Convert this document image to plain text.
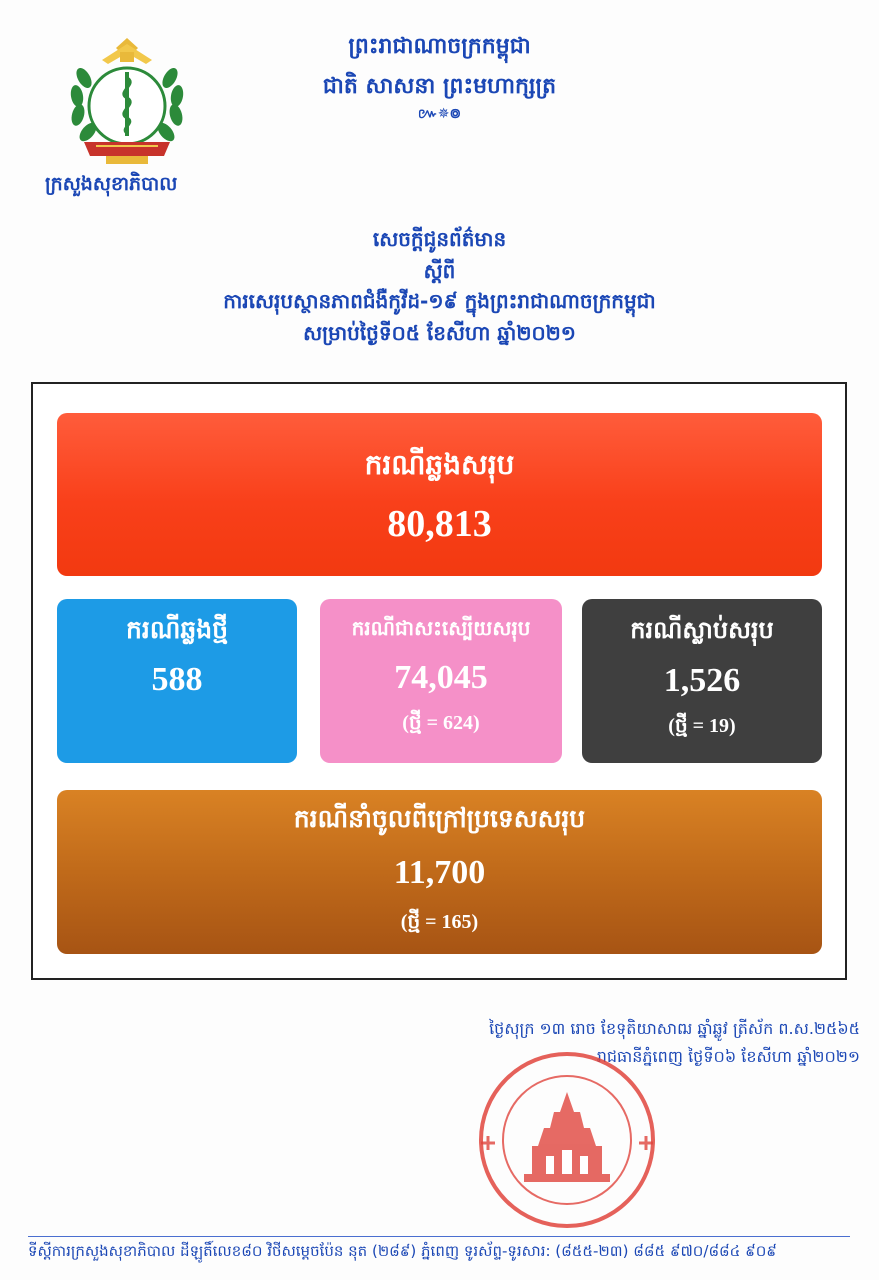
ព្រះរាជាណាចក្រកម្ពុជា
ជាតិ សាសនា ព្រះមហាក្សត្រ
៚✵៙
ក្រសួងសុខាភិបាល
សេចក្តីជូនព័ត៌មាន
ស្តីពី
ការសេរុបស្ថានភាពជំងឺកូវីដ-១៩ ក្នុងព្រះរាជាណាចក្រកម្ពុជា
សម្រាប់ថ្ងៃទី០៥ ខែសីហា ឆ្នាំ២០២១
ករណីឆ្លងសរុប
80,813
ករណីឆ្លងថ្មី
588
ករណីជាសះស្បើយសរុប
74,045
(ថ្មី = 624)
ករណីស្លាប់សរុប
1,526
(ថ្មី = 19)
ករណីនាំចូលពីក្រៅប្រទេសសរុប
11,700
(ថ្មី = 165)
ថ្ងៃសុក្រ ១៣ រោច ខែទុតិយាសាឍ ឆ្នាំឆ្លូវ ត្រីស័ក ព.ស.២៥៦៥
រាជធានីភ្នំពេញ ថ្ងៃទី០៦ ខែសីហា ឆ្នាំ២០២១
ទីស្តីការក្រសួងសុខាភិបាល ដីឡូតិ៍លេខ៨០ វិថីសម្តេចប៉ែន នុត (២៨៩) ភ្នំពេញ ទូរស័ព្ទ-ទូរសារ: (៨៥៥-២៣) ៨៨៥ ៩៧០/៨៨៤ ៩០៩
